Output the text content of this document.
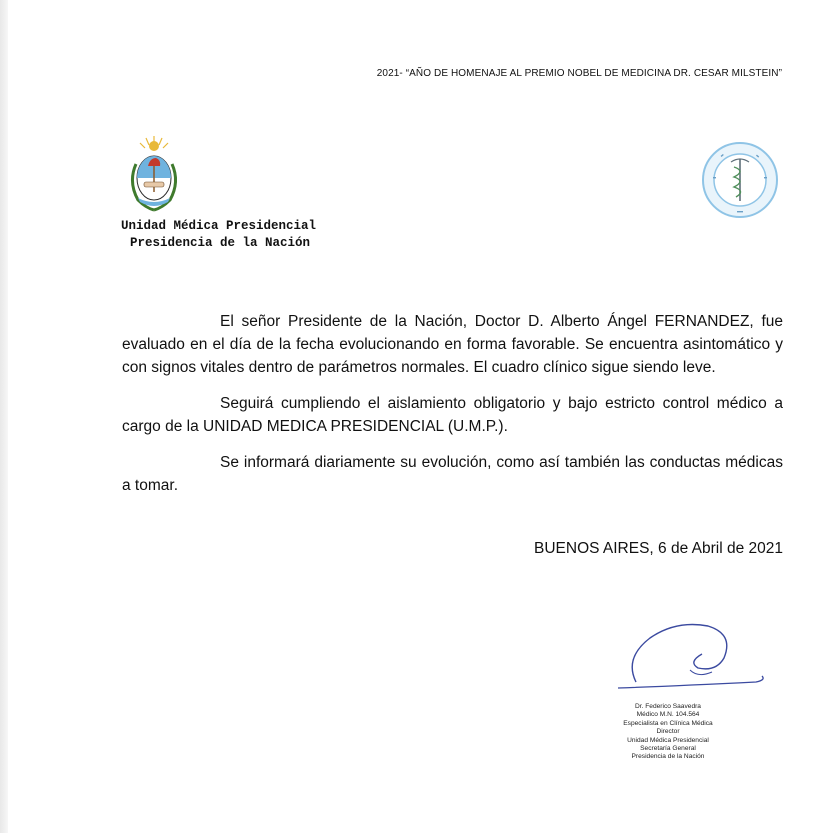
2021- “AÑO DE HOMENAJE AL PREMIO NOBEL DE MEDICINA DR. CESAR MILSTEIN”
Unidad Médica Presidencial
Presidencia de la Nación

El señor Presidente de la Nación, Doctor D. Alberto Ángel FERNANDEZ, fue evaluado en el día de la fecha evolucionando en forma favorable. Se encuentra asintomático y con signos vitales dentro de parámetros normales. El cuadro clínico sigue siendo leve.

Seguirá cumpliendo el aislamiento obligatorio y bajo estricto control médico a cargo de la UNIDAD MEDICA PRESIDENCIAL (U.M.P.).

Se informará diariamente su evolución, como así también las conductas médicas a tomar.

BUENOS AIRES, 6 de Abril de 2021
Dr. Federico Saavedra
Médico M.N. 104.564
Especialista en Clínica Médica
Director
Unidad Médica Presidencial
Secretaría General
Presidencia de la Nación
